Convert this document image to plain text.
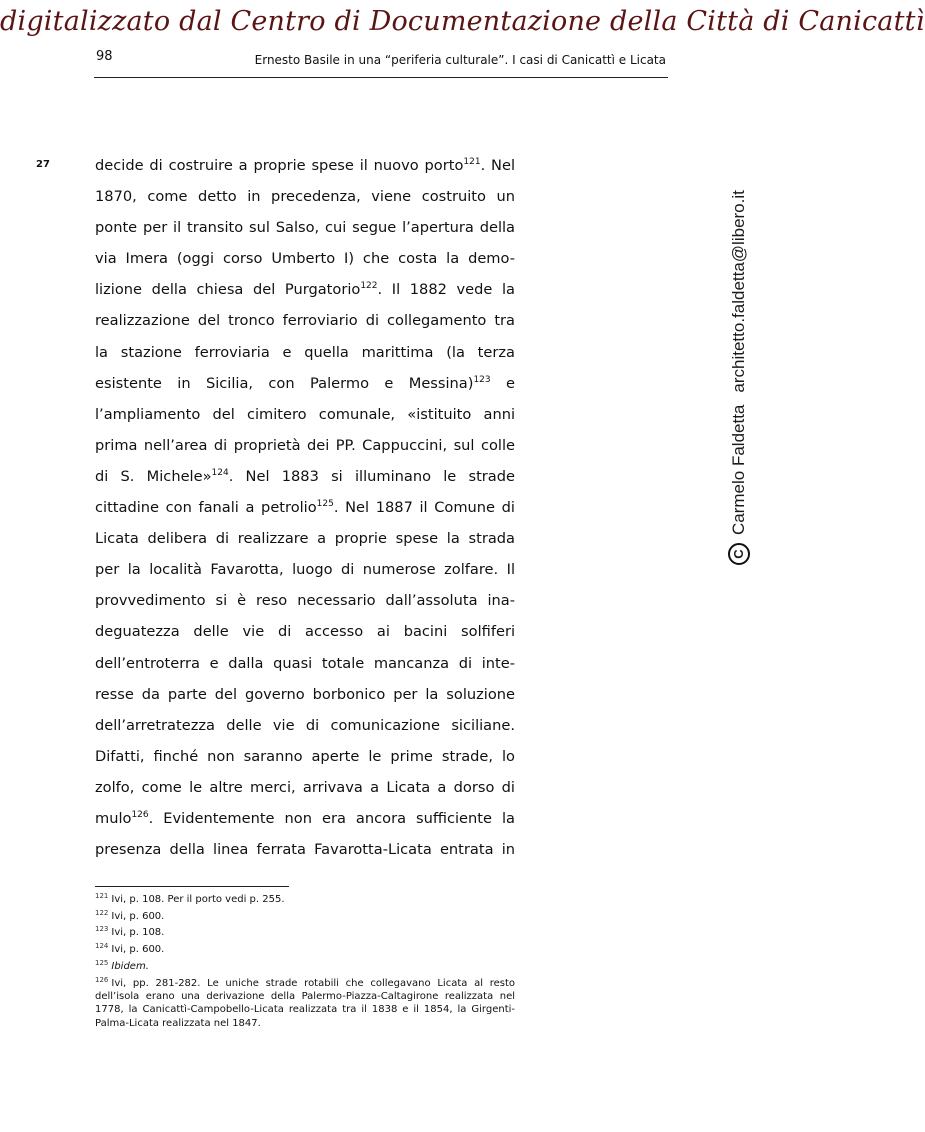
digitalizzato dal Centro di Documentazione della Città di Canicattì
98	Ernesto Basile in una “periferia culturale”. I casi di Canicattì e Licata
27	decide di costruire a proprie spese il nuovo porto$^{121}$. Nel
1870, come detto in precedenza, viene costruito un
ponte per il transito sul Salso, cui segue l’apertura della
via Imera (oggi corso Umberto I) che costa la demo-
lizione della chiesa del Purgatorio$^{122}$. Il 1882 vede la
realizzazione del tronco ferroviario di collegamento tra
la stazione ferroviaria e quella marittima (la terza
esistente in Sicilia, con Palermo e Messina)$^{123}$ e
l’ampliamento del cimitero comunale, «istituito anni
prima nell’area di proprietà dei PP. Cappuccini, sul colle
di S. Michele»$^{124}$. Nel 1883 si illuminano le strade
cittadine con fanali a petrolio$^{125}$. Nel 1887 il Comune di
Licata delibera di realizzare a proprie spese la strada
per la località Favarotta, luogo di numerose zolfare. Il
provvedimento si è reso necessario dall’assoluta ina-
deguatezza delle vie di accesso ai bacini solfiferi
dell’entroterra e dalla quasi totale mancanza di inte-
resse da parte del governo borbonico per la soluzione
dell’arretratezza delle vie di comunicazione siciliane.
Difatti, finché non saranno aperte le prime strade, lo
zolfo, come le altre merci, arrivava a Licata a dorso di
mulo$^{126}$. Evidentemente non era ancora sufficiente la
presenza della linea ferrata Favarotta-Licata entrata in
$^{121}$ Ivi, p. 108. Per il porto vedi p. 255.
$^{122}$ Ivi, p. 600.
$^{123}$ Ivi, p. 108.
$^{124}$ Ivi, p. 600.
$^{125}$ Ibidem.
$^{126}$ Ivi, pp. 281-282. Le uniche strade rotabili che collegavano Licata al resto dell’isola erano una derivazione della Palermo-Piazza-Caltagirone realizzata nel 1778, la Canicattì-Campobello-Licata realizzata tra il 1838 e il 1854, la Girgenti-Palma-Licata realizzata nel 1847.
C
Carmelo Faldetta
architetto.faldetta@libero.it
